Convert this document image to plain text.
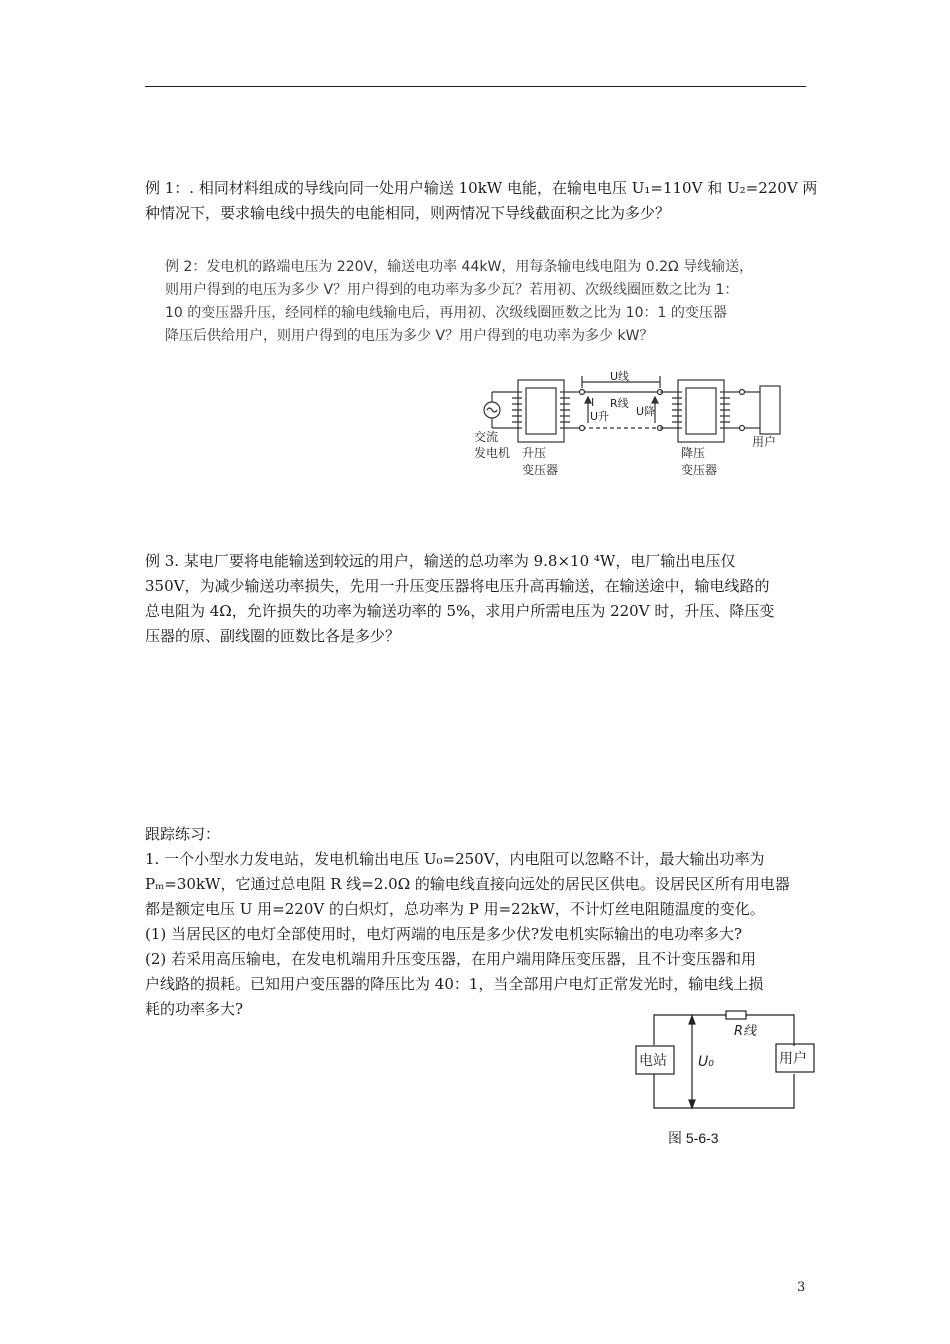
例 1：. 相同材料组成的导线向同一处用户输送 10kW 电能，在输电电压 U₁=110V 和 U₂=220V 两
种情况下，要求输电线中损失的电能相同，则两情况下导线截面积之比为多少？

例 2：发电机的路端电压为 220V，输送电功率 44kW，用每条输电线电阻为 0.2Ω 导线输送，
则用户得到的电压为多少 V？用户得到的电功率为多少瓦？若用初、次级线圈匝数之比为 1：
10 的变压器升压，经同样的输电线输电后，再用初、次级线圈匝数之比为 10：1 的变压器
降压后供给用户，则用户得到的电压为多少 V？用户得到的电功率为多少 kW？
U线
I R线
U升 U降
交流
发电机 升压
变压器
降压
变压器
用户

例 3. 某电厂要将电能输送到较远的用户，输送的总功率为 9.8×10 ⁴W，电厂输出电压仅
350V，为减少输送功率损失，先用一升压变压器将电压升高再输送，在输送途中，输电线路的
总电阻为 4Ω，允许损失的功率为输送功率的 5%，求用户所需电压为 220V 时，升压、降压变
压器的原、副线圈的匝数比各是多少？

跟踪练习：
1. 一个小型水力发电站，发电机输出电压 U₀=250V，内电阻可以忽略不计，最大输出功率为
Pₘ=30kW，它通过总电阻 R 线=2.0Ω 的输电线直接向远处的居民区供电。设居民区所有用电器
都是额定电压 U 用=220V 的白炽灯，总功率为 P 用=22kW，不计灯丝电阻随温度的变化。
(1) 当居民区的电灯全部使用时，电灯两端的电压是多少伏?发电机实际输出的电功率多大?
(2) 若采用高压输电，在发电机端用升压变压器，在用户端用降压变压器，且不计变压器和用
户线路的损耗。已知用户变压器的降压比为 40：1，当全部用户电灯正常发光时，输电线上损
耗的功率多大?

电站	用户
R线
U₀
图 5-6-3
3
